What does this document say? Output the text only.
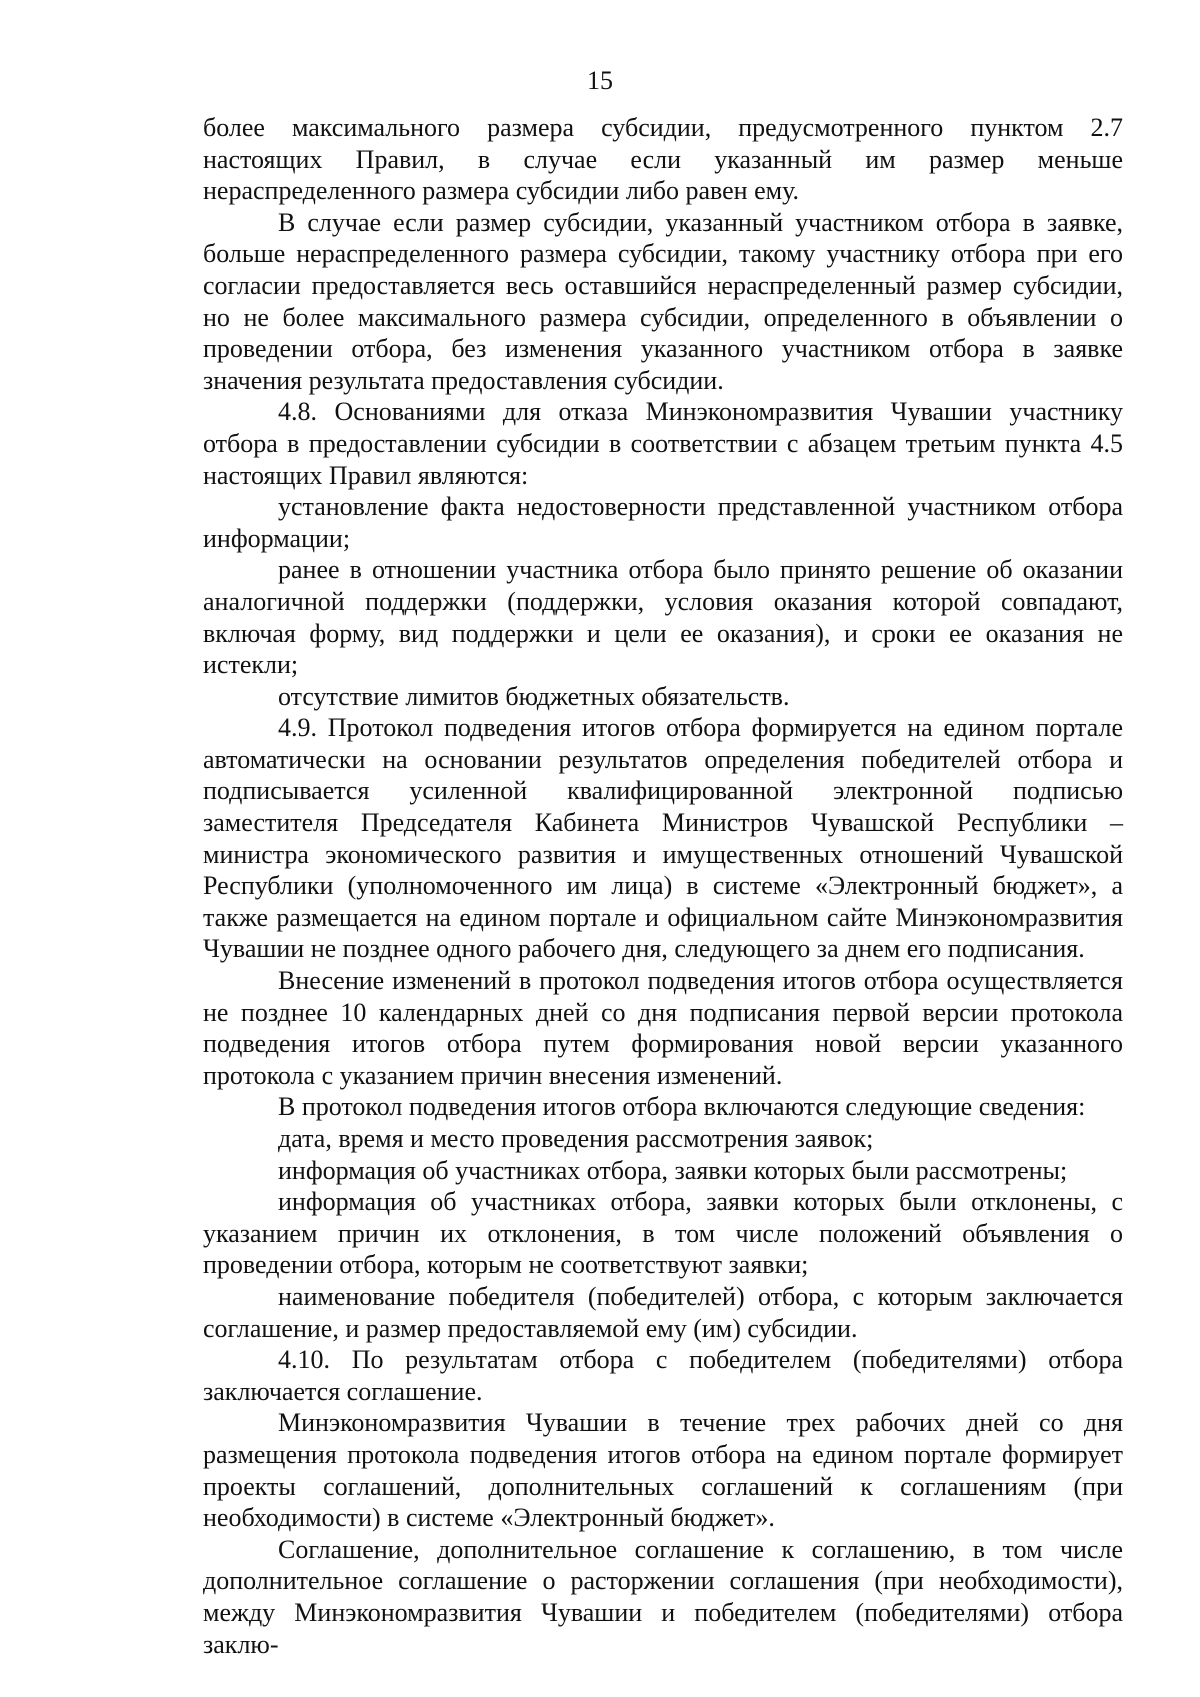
15

более максимального размера субсидии, предусмотренного пунктом 2.7 настоящих Правил, в случае если указанный им размер меньше нераспределенного размера субсидии либо равен ему.

В случае если размер субсидии, указанный участником отбора в заявке, больше нераспределенного размера субсидии, такому участнику отбора при его согласии предоставляется весь оставшийся нераспределенный размер субсидии, но не более максимального размера субсидии, определенного в объявлении о проведении отбора, без изменения указанного участником отбора в заявке значения результата предоставления субсидии.

4.8. Основаниями для отказа Минэкономразвития Чувашии участнику отбора в предоставлении субсидии в соответствии с абзацем третьим пункта 4.5 настоящих Правил являются:

установление факта недостоверности представленной участником отбора информации;

ранее в отношении участника отбора было принято решение об оказании аналогичной поддержки (поддержки, условия оказания которой совпадают, включая форму, вид поддержки и цели ее оказания), и сроки ее оказания не истекли;

отсутствие лимитов бюджетных обязательств.

4.9. Протокол подведения итогов отбора формируется на едином портале автоматически на основании результатов определения победителей отбора и подписывается усиленной квалифицированной электронной подписью заместителя Председателя Кабинета Министров Чувашской Республики – министра экономического развития и имущественных отношений Чувашской Республики (уполномоченного им лица) в системе «Электронный бюджет», а также размещается на едином портале и официальном сайте Минэкономразвития Чувашии не позднее одного рабочего дня, следующего за днем его подписания.

Внесение изменений в протокол подведения итогов отбора осуществляется не позднее 10 календарных дней со дня подписания первой версии протокола подведения итогов отбора путем формирования новой версии указанного протокола с указанием причин внесения изменений.

В протокол подведения итогов отбора включаются следующие сведения:

дата, время и место проведения рассмотрения заявок;

информация об участниках отбора, заявки которых были рассмотрены;

информация об участниках отбора, заявки которых были отклонены, с указанием причин их отклонения, в том числе положений объявления о проведении отбора, которым не соответствуют заявки;

наименование победителя (победителей) отбора, с которым заключается соглашение, и размер предоставляемой ему (им) субсидии.

4.10. По результатам отбора с победителем (победителями) отбора заключается соглашение.

Минэкономразвития Чувашии в течение трех рабочих дней со дня размещения протокола подведения итогов отбора на едином портале формирует проекты соглашений, дополнительных соглашений к соглашениям (при необходимости) в системе «Электронный бюджет».

Соглашение, дополнительное соглашение к соглашению, в том числе дополнительное соглашение о расторжении соглашения (при необходимости), между Минэкономразвития Чувашии и победителем (победителями) отбора заклю-
